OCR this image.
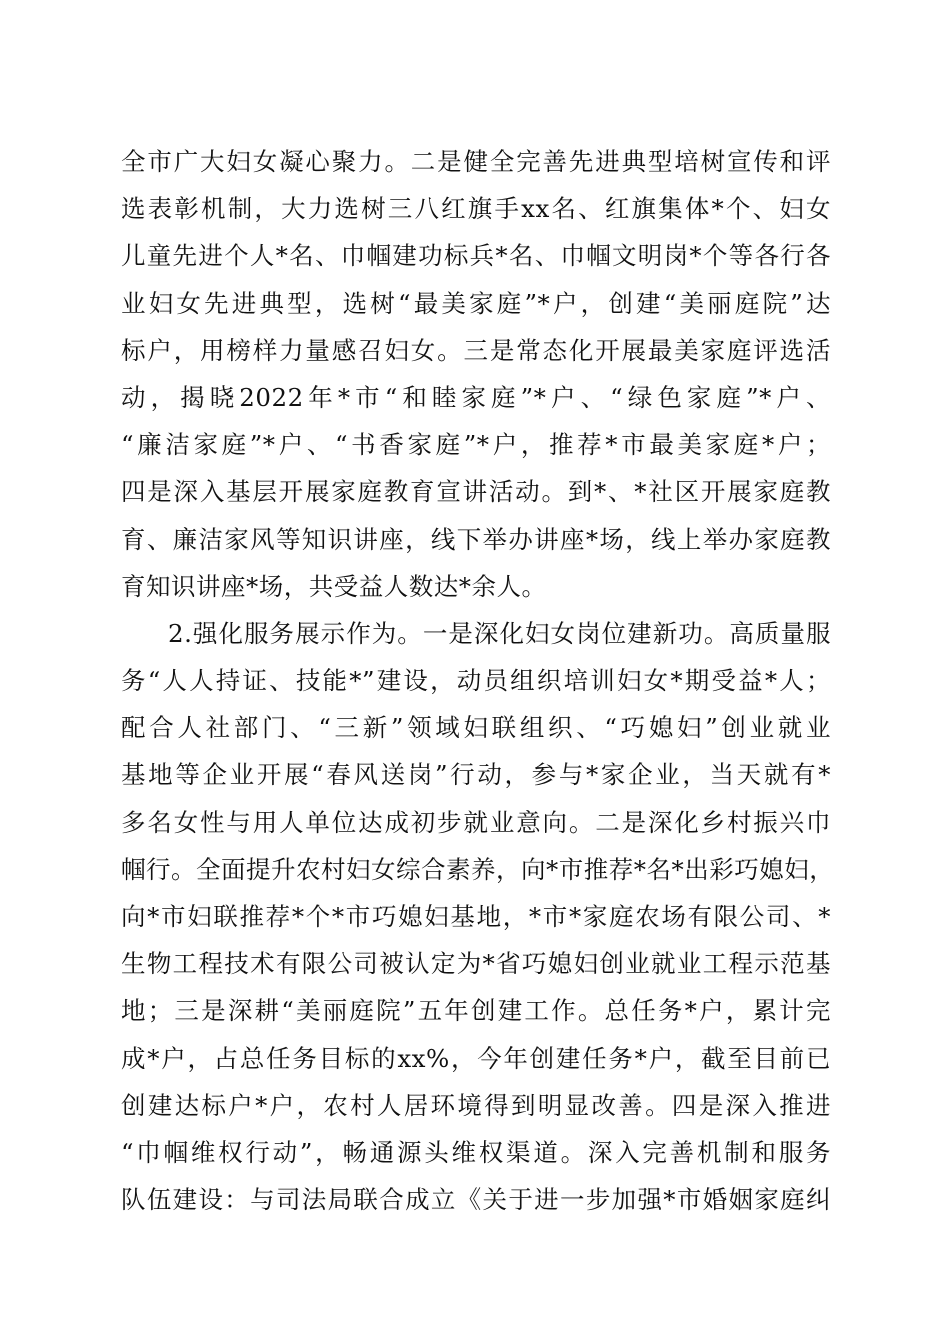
全市广大妇女凝心聚力。二是健全完善先进典型培树宣传和评
选表彰机制，大力选树三八红旗手xx名、红旗集体*个、妇女
儿童先进个人*名、巾帼建功标兵*名、巾帼文明岗*个等各行各
业妇女先进典型，选树“最美家庭”*户，创建“美丽庭院”达
标户，用榜样力量感召妇女。三是常态化开展最美家庭评选活
动，揭晓2022年*市“和睦家庭”*户、“绿色家庭”*户、
“廉洁家庭”*户、“书香家庭”*户，推荐*市最美家庭*户；
四是深入基层开展家庭教育宣讲活动。到*、*社区开展家庭教
育、廉洁家风等知识讲座，线下举办讲座*场，线上举办家庭教
育知识讲座*场，共受益人数达*余人。
2.强化服务展示作为。一是深化妇女岗位建新功。高质量服
务“人人持证、技能*”建设，动员组织培训妇女*期受益*人；
配合人社部门、“三新”领域妇联组织、“巧媳妇”创业就业
基地等企业开展“春风送岗”行动，参与*家企业，当天就有*
多名女性与用人单位达成初步就业意向。二是深化乡村振兴巾
帼行。全面提升农村妇女综合素养，向*市推荐*名*出彩巧媳妇，
向*市妇联推荐*个*市巧媳妇基地，*市*家庭农场有限公司、*
生物工程技术有限公司被认定为*省巧媳妇创业就业工程示范基
地；三是深耕“美丽庭院”五年创建工作。总任务*户，累计完
成*户，占总任务目标的xx%，今年创建任务*户，截至目前已
创建达标户*户，农村人居环境得到明显改善。四是深入推进
“巾帼维权行动”，畅通源头维权渠道。深入完善机制和服务
队伍建设：与司法局联合成立《关于进一步加强*市婚姻家庭纠
